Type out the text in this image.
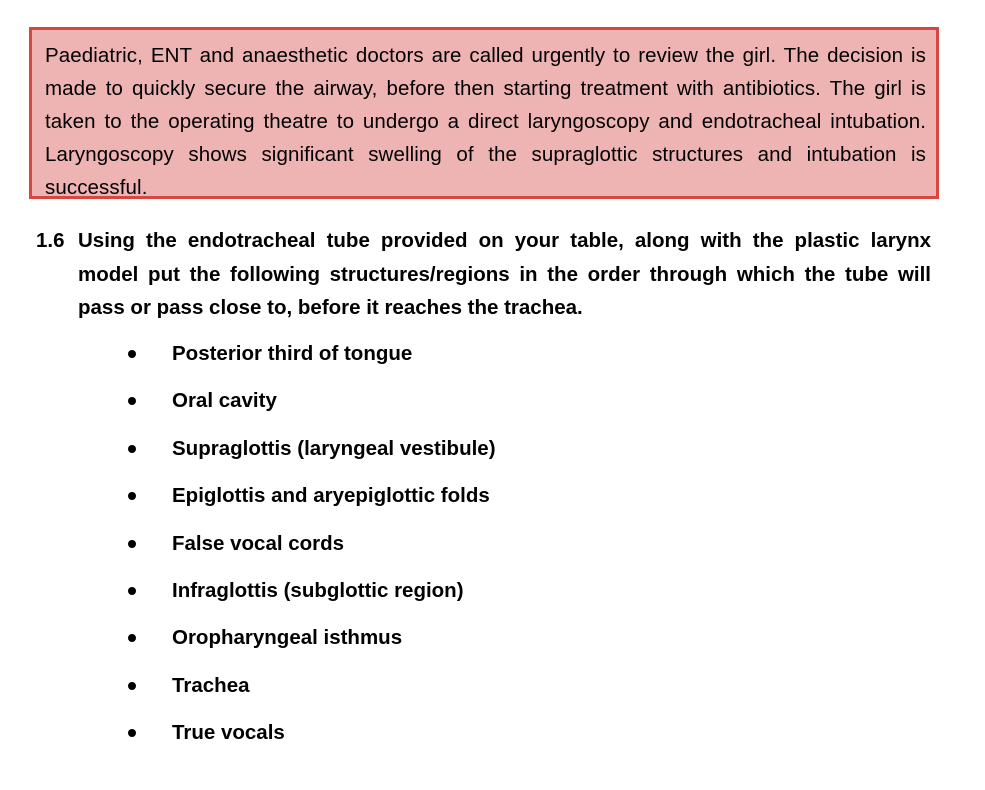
Paediatric, ENT and anaesthetic doctors are called urgently to review the girl. The decision is made to quickly secure the airway, before then starting treatment with antibiotics. The girl is taken to the operating theatre to undergo a direct laryngoscopy and endotracheal intubation. Laryngoscopy shows significant swelling of the supraglottic structures and intubation is successful.

1.6 Using the endotracheal tube provided on your table, along with the plastic larynx model put the following structures/regions in the order through which the tube will pass or pass close to, before it reaches the trachea.

Posterior third of tongue
Oral cavity
Supraglottis (laryngeal vestibule)
Epiglottis and aryepiglottic folds
False vocal cords
Infraglottis (subglottic region)
Oropharyngeal isthmus
Trachea
True vocals
